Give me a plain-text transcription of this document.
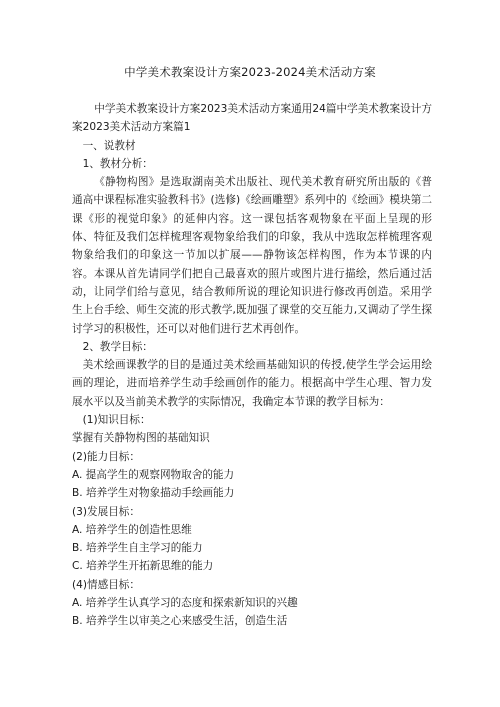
中学美术教案设计方案2023-2024美术活动方案

中学美术教案设计方案2023美术活动方案通用24篇中学美术教案设计方案2023美术活动方案篇1

一、说教材

1、教材分析：

《静物构图》是选取湖南美术出版社、现代美术教育研究所出版的《普通高中课程标准实验教科书》(选修)《绘画雕塑》系列中的《绘画》模块第二课《形的视觉印象》的延伸内容。这一课包括客观物象在平面上呈现的形体、特征及我们怎样梳理客观物象给我们的印象，我从中选取怎样梳理客观物象给我们的印象这一节加以扩展——静物该怎样构图，作为本节课的内容。本课从首先请同学们把自己最喜欢的照片或图片进行描绘，然后通过活动，让同学们给与意见，结合教师所说的理论知识进行修改再创造。采用学生上台手绘、师生交流的形式教学,既加强了课堂的交互能力,又调动了学生探讨学习的积极性，还可以对他们进行艺术再创作。

2、教学目标：

美术绘画课教学的目的是通过美术绘画基础知识的传授,使学生学会运用绘画的理论，进而培养学生动手绘画创作的能力。根据高中学生心理、智力发展水平以及当前美术教学的实际情况，我确定本节课的教学目标为：

(1)知识目标：

掌握有关静物构图的基础知识

(2)能力目标：

A. 提高学生的观察网物取舍的能力

B. 培养学生对物象描动手绘画能力

(3)发展目标：

A. 培养学生的创造性思维

B. 培养学生自主学习的能力

C. 培养学生开拓新思维的能力

(4)情感目标：

A. 培养学生认真学习的态度和探索新知识的兴趣

B. 培养学生以审美之心来感受生活，创造生活
